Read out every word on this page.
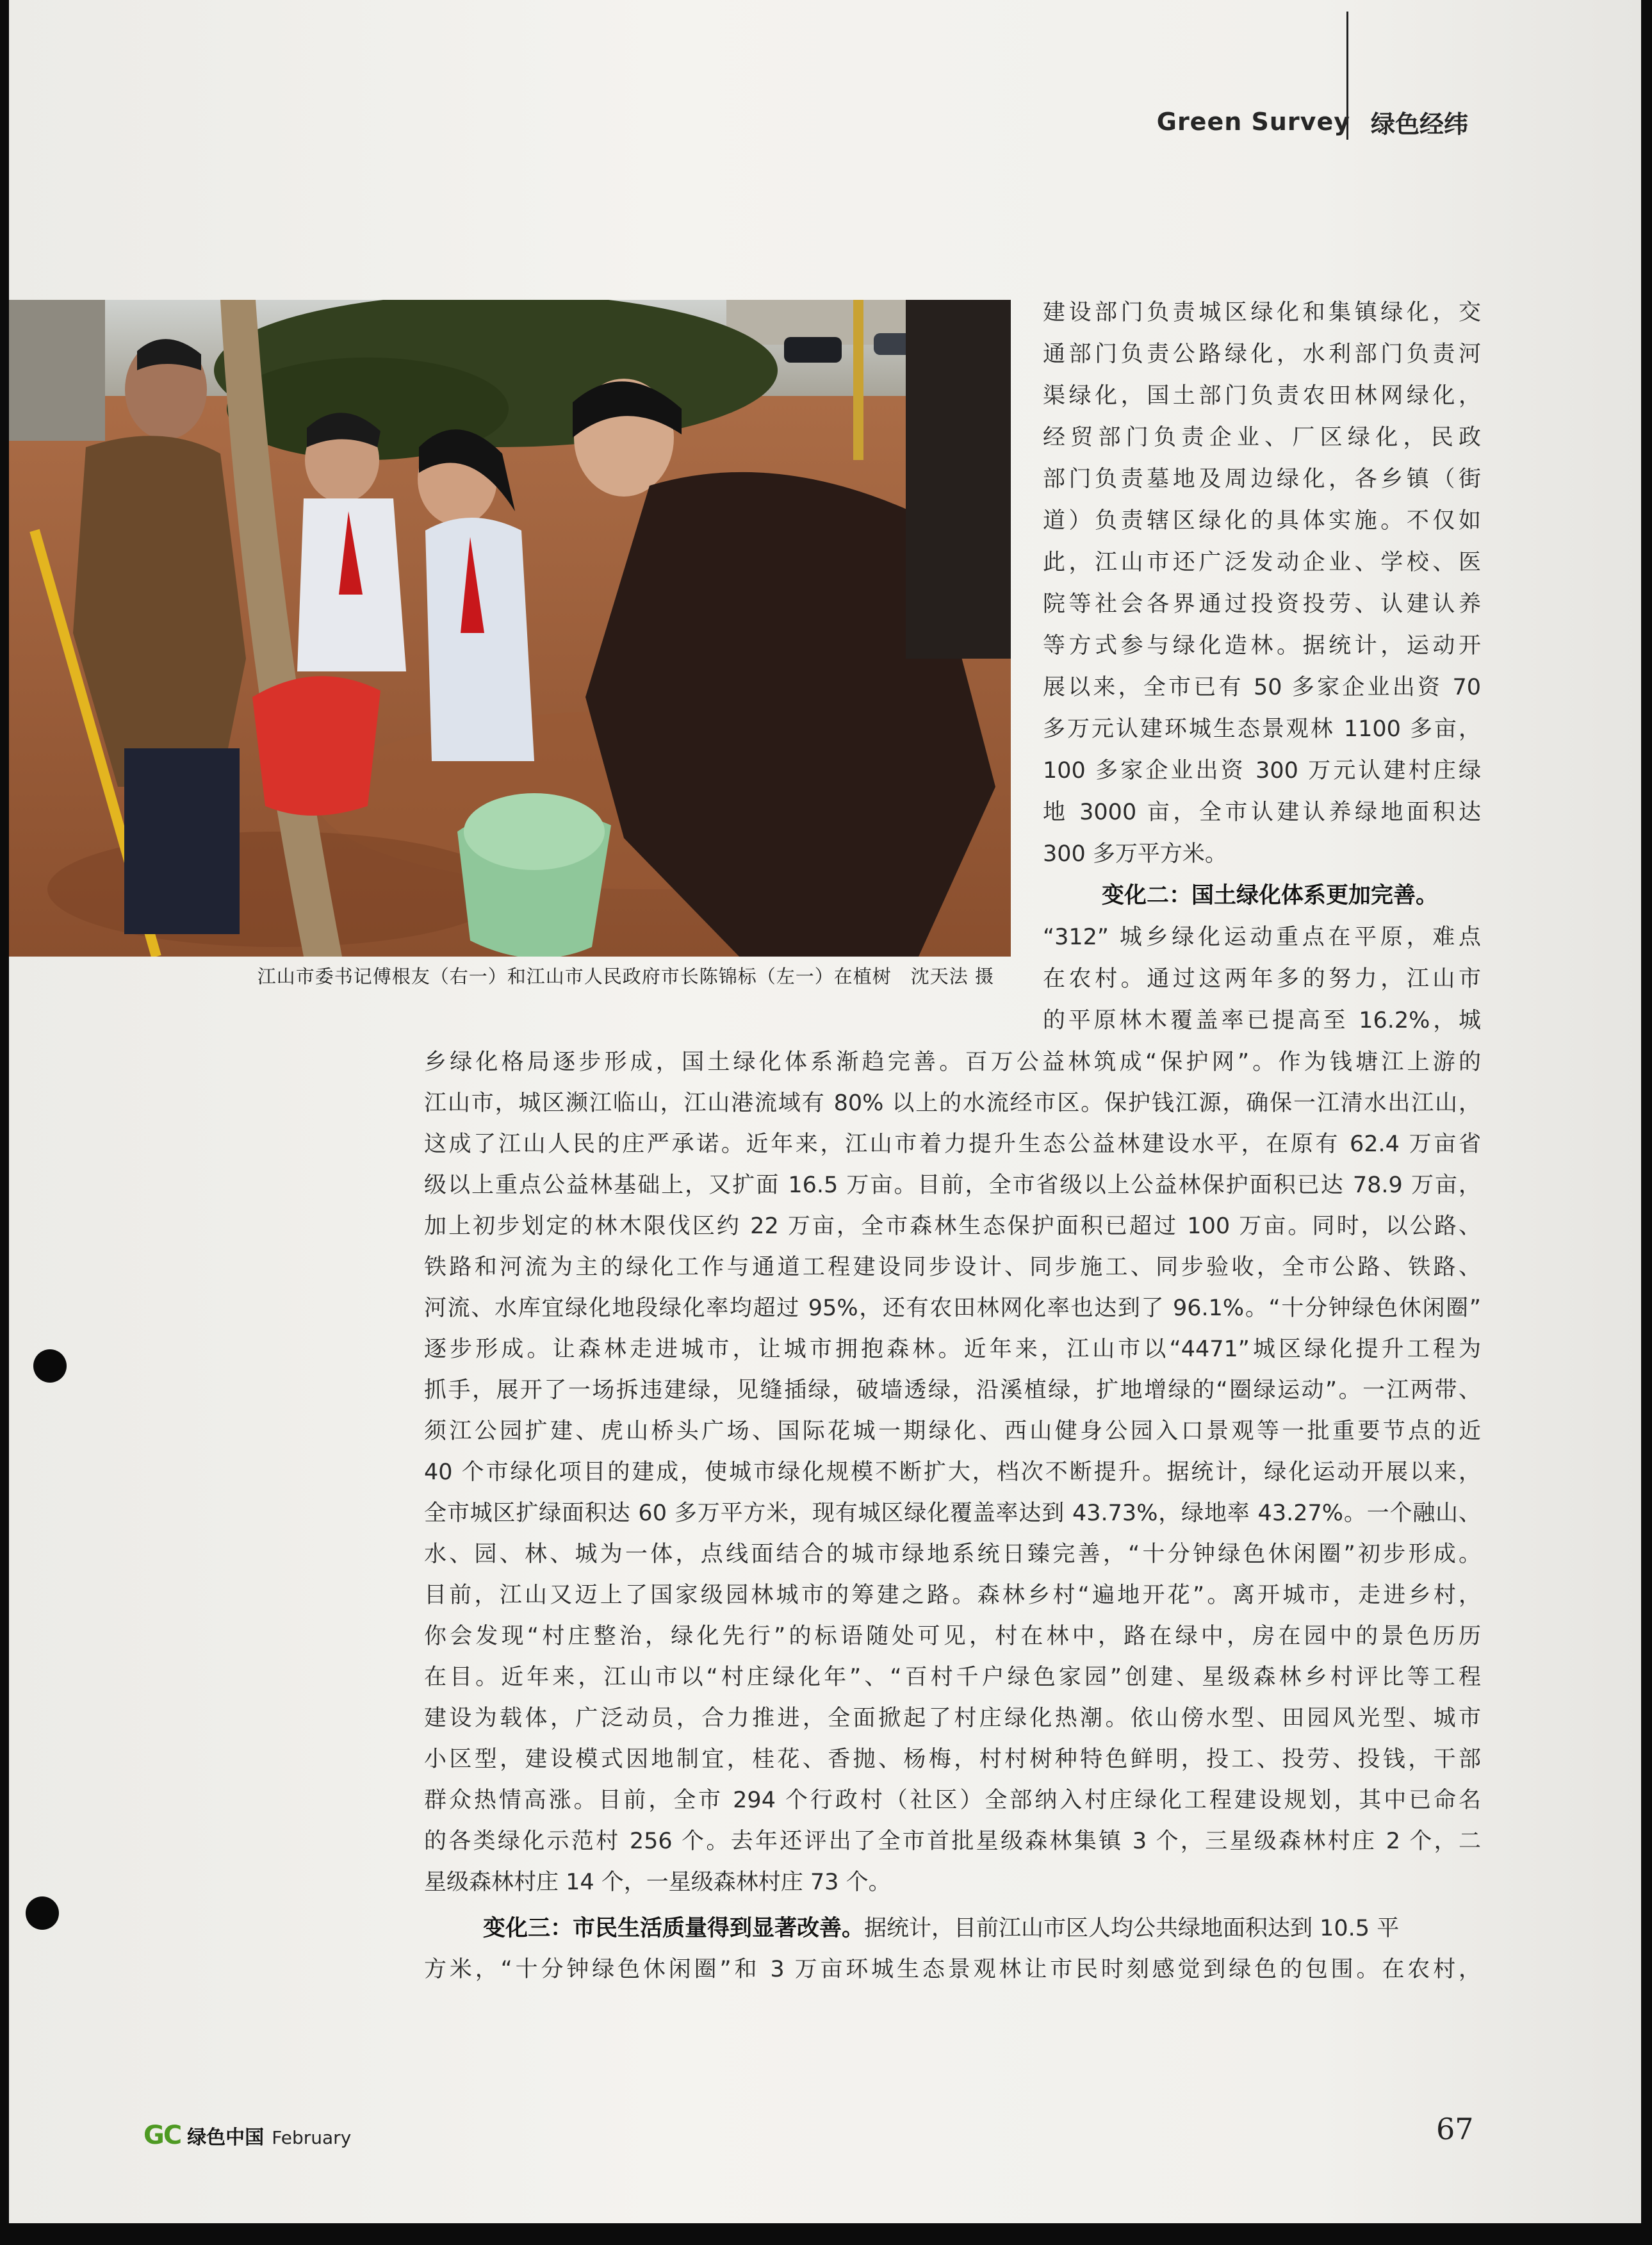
Green Survey 绿色经纬
江山市委书记傅根友（右一）和江山市人民政府市长陈锦标（左一）在植树　沈天法 摄
建设部门负责城区绿化和集镇绿化，交
通部门负责公路绿化，水利部门负责河
渠绿化，国土部门负责农田林网绿化，
经贸部门负责企业、厂区绿化，民政
部门负责墓地及周边绿化，各乡镇（街
道）负责辖区绿化的具体实施。不仅如
此，江山市还广泛发动企业、学校、医
院等社会各界通过投资投劳、认建认养
等方式参与绿化造林。据统计，运动开
展以来，全市已有 50 多家企业出资 70
多万元认建环城生态景观林 1100 多亩，
100 多家企业出资 300 万元认建村庄绿
地 3000 亩，全市认建认养绿地面积达
300 多万平方米。
变化二：国土绿化体系更加完善。
“312” 城乡绿化运动重点在平原，难点
在农村。通过这两年多的努力，江山市
的平原林木覆盖率已提高至 16.2%，城
乡绿化格局逐步形成，国土绿化体系渐趋完善。百万公益林筑成“保护网”。作为钱塘江上游的
江山市，城区濒江临山，江山港流域有 80% 以上的水流经市区。保护钱江源，确保一江清水出江山，
这成了江山人民的庄严承诺。近年来，江山市着力提升生态公益林建设水平，在原有 62.4 万亩省
级以上重点公益林基础上，又扩面 16.5 万亩。目前，全市省级以上公益林保护面积已达 78.9 万亩，
加上初步划定的林木限伐区约 22 万亩，全市森林生态保护面积已超过 100 万亩。同时，以公路、
铁路和河流为主的绿化工作与通道工程建设同步设计、同步施工、同步验收，全市公路、铁路、
河流、水库宜绿化地段绿化率均超过 95%，还有农田林网化率也达到了 96.1%。“十分钟绿色休闲圈”
逐步形成。让森林走进城市，让城市拥抱森林。近年来，江山市以“4471”城区绿化提升工程为
抓手，展开了一场拆违建绿，见缝插绿，破墙透绿，沿溪植绿，扩地增绿的“圈绿运动”。一江两带、
须江公园扩建、虎山桥头广场、国际花城一期绿化、西山健身公园入口景观等一批重要节点的近
40 个市绿化项目的建成，使城市绿化规模不断扩大，档次不断提升。据统计，绿化运动开展以来，
全市城区扩绿面积达 60 多万平方米，现有城区绿化覆盖率达到 43.73%，绿地率 43.27%。一个融山、
水、园、林、城为一体，点线面结合的城市绿地系统日臻完善，“十分钟绿色休闲圈”初步形成。
目前，江山又迈上了国家级园林城市的筹建之路。森林乡村“遍地开花”。离开城市，走进乡村，
你会发现“村庄整治，绿化先行”的标语随处可见，村在林中，路在绿中，房在园中的景色历历
在目。近年来，江山市以“村庄绿化年”、“百村千户绿色家园”创建、星级森林乡村评比等工程
建设为载体，广泛动员，合力推进，全面掀起了村庄绿化热潮。依山傍水型、田园风光型、城市
小区型，建设模式因地制宜，桂花、香抛、杨梅，村村树种特色鲜明，投工、投劳、投钱，干部
群众热情高涨。目前，全市 294 个行政村（社区）全部纳入村庄绿化工程建设规划，其中已命名
的各类绿化示范村 256 个。去年还评出了全市首批星级森林集镇 3 个，三星级森林村庄 2 个，二
星级森林村庄 14 个，一星级森林村庄 73 个。
变化三：市民生活质量得到显著改善。据统计，目前江山市区人均公共绿地面积达到 10.5 平
方米，“十分钟绿色休闲圈”和 3 万亩环城生态景观林让市民时刻感觉到绿色的包围。在农村，
GC 绿色中国 February	67
